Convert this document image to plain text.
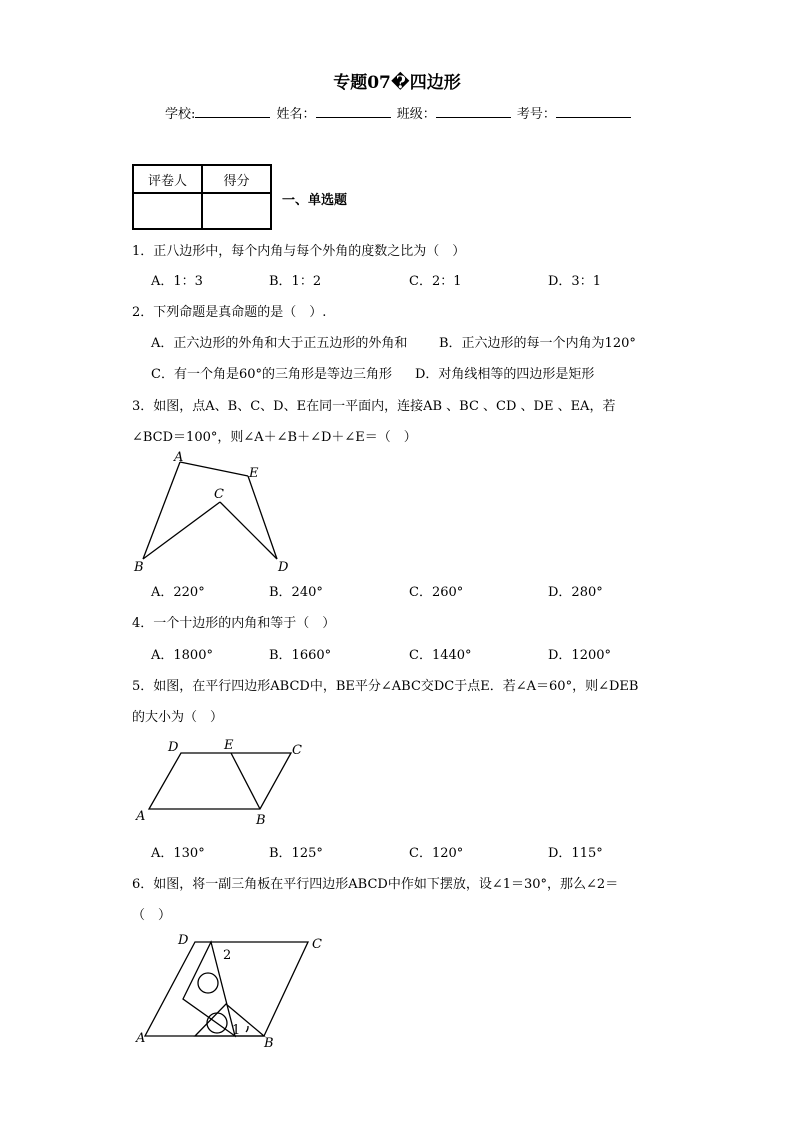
专题07�四边形
学校:	姓名：	班级：	考号：
评卷人	得分

一、单选题
1．正八边形中，每个内角与每个外角的度数之比为（　）
A．1：3	B．1：2	C．2：1	D．3：1
2．下列命题是真命题的是（　）.
A．正六边形的外角和大于正五边形的外角和 B．正六边形的每一个内角为120°
C．有一个角是60°的三角形是等边三角形 D．对角线相等的四边形是矩形
3．如图，点A、B、C、D、E在同一平面内，连接AB 、BC 、CD 、DE 、EA，若
∠BCD＝100°，则∠A＋∠B＋∠D＋∠E＝（　）
A
E
C
B	D
A．220°	B．240°	C．260°	D．280°
4．一个十边形的内角和等于（　）
A．1800°	B．1660°	C．1440°	D．1200°
5．如图，在平行四边形ABCD中，BE平分∠ABC交DC于点E．若∠A＝60°，则∠DEB
的大小为（　）
D	E	C
A	B
A．130°	B．125°	C．120°	D．115°
6．如图，将一副三角板在平行四边形ABCD中作如下摆放，设∠1＝30°，那么∠2＝
（　）
D
2
C
A
1
B
